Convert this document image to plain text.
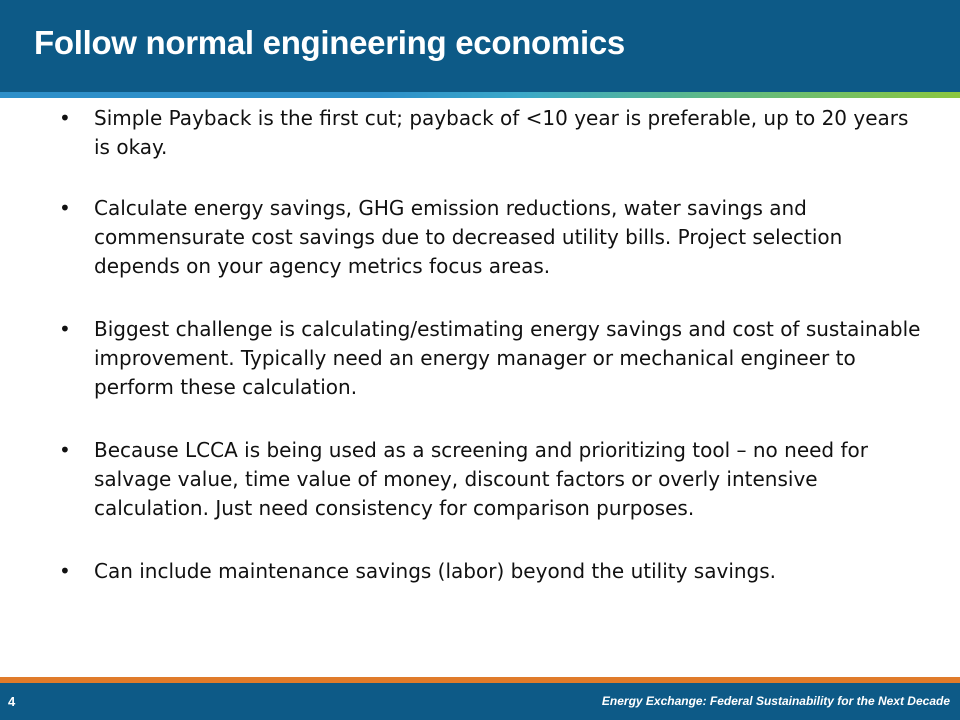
Follow normal engineering economics
• Simple Payback is the first cut; payback of <10 year is preferable, up to 20 years is okay.
• Calculate energy savings, GHG emission reductions, water savings and commensurate cost savings due to decreased utility bills. Project selection depends on your agency metrics focus areas.
• Biggest challenge is calculating/estimating energy savings and cost of sustainable improvement. Typically need an energy manager or mechanical engineer to perform these calculation.
• Because LCCA is being used as a screening and prioritizing tool – no need for salvage value, time value of money, discount factors or overly intensive calculation. Just need consistency for comparison purposes.
• Can include maintenance savings (labor) beyond the utility savings.
4	Energy Exchange: Federal Sustainability for the Next Decade
